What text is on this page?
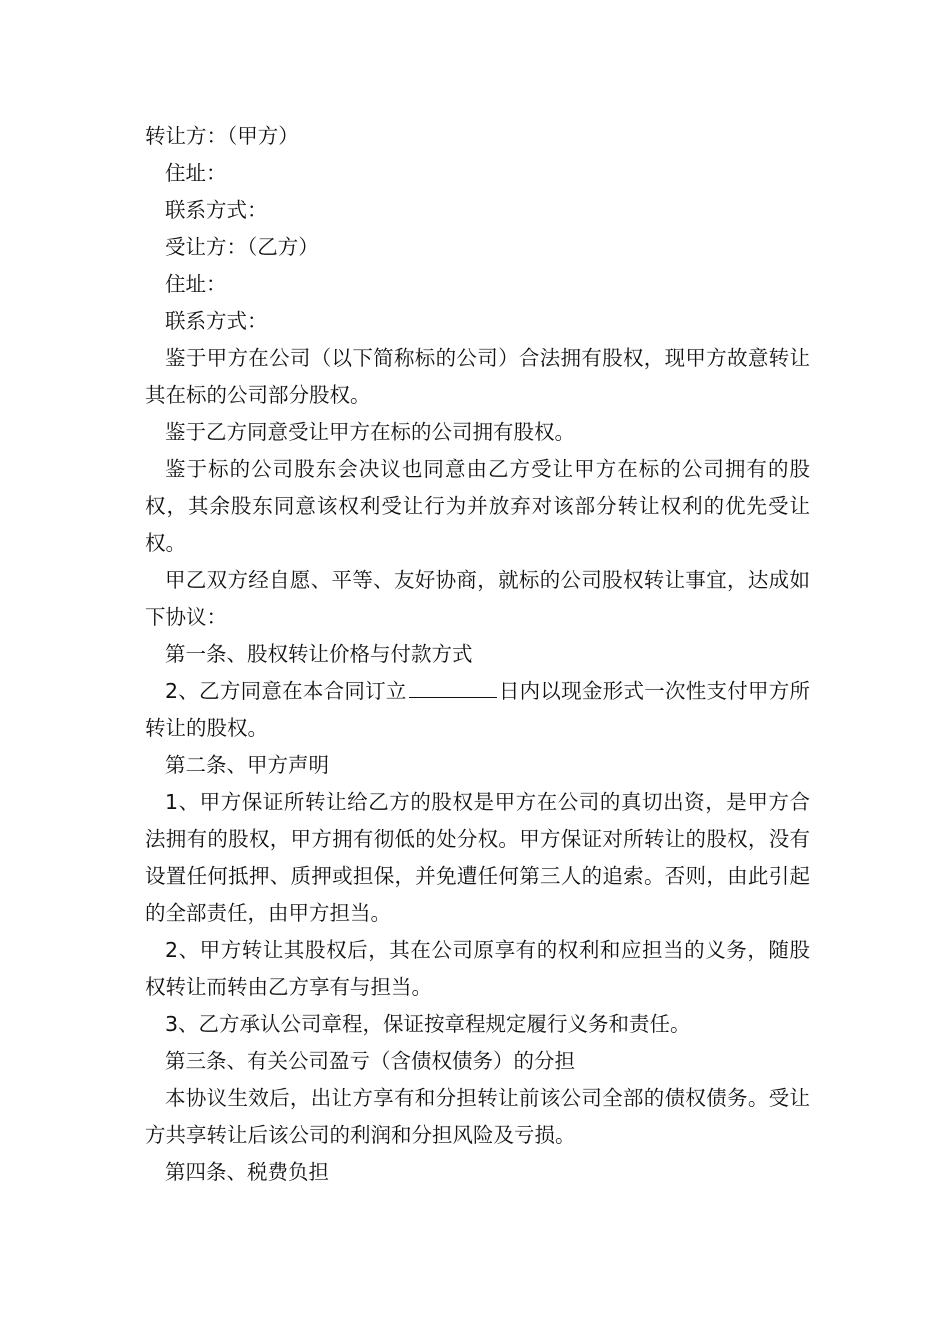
转让方：（甲方）

住址：

联系方式：

受让方：（乙方）

住址：

联系方式：

鉴于甲方在公司（以下简称标的公司）合法拥有股权，现甲方故意转让其在标的公司部分股权。

鉴于乙方同意受让甲方在标的公司拥有股权。

鉴于标的公司股东会决议也同意由乙方受让甲方在标的公司拥有的股权，其余股东同意该权利受让行为并放弃对该部分转让权利的优先受让权。

甲乙双方经自愿、平等、友好协商，就标的公司股权转让事宜，达成如下协议：

第一条、股权转让价格与付款方式

2、乙方同意在本合同订立	日内以现金形式一次性支付甲方所转让的股权。

第二条、甲方声明

1、甲方保证所转让给乙方的股权是甲方在公司的真切出资，是甲方合法拥有的股权，甲方拥有彻低的处分权。甲方保证对所转让的股权，没有设置任何抵押、质押或担保，并免遭任何第三人的追索。否则，由此引起的全部责任，由甲方担当。

2、甲方转让其股权后，其在公司原享有的权利和应担当的义务，随股权转让而转由乙方享有与担当。

3、乙方承认公司章程，保证按章程规定履行义务和责任。

第三条、有关公司盈亏（含债权债务）的分担

本协议生效后，出让方享有和分担转让前该公司全部的债权债务。受让方共享转让后该公司的利润和分担风险及亏损。

第四条、税费负担
